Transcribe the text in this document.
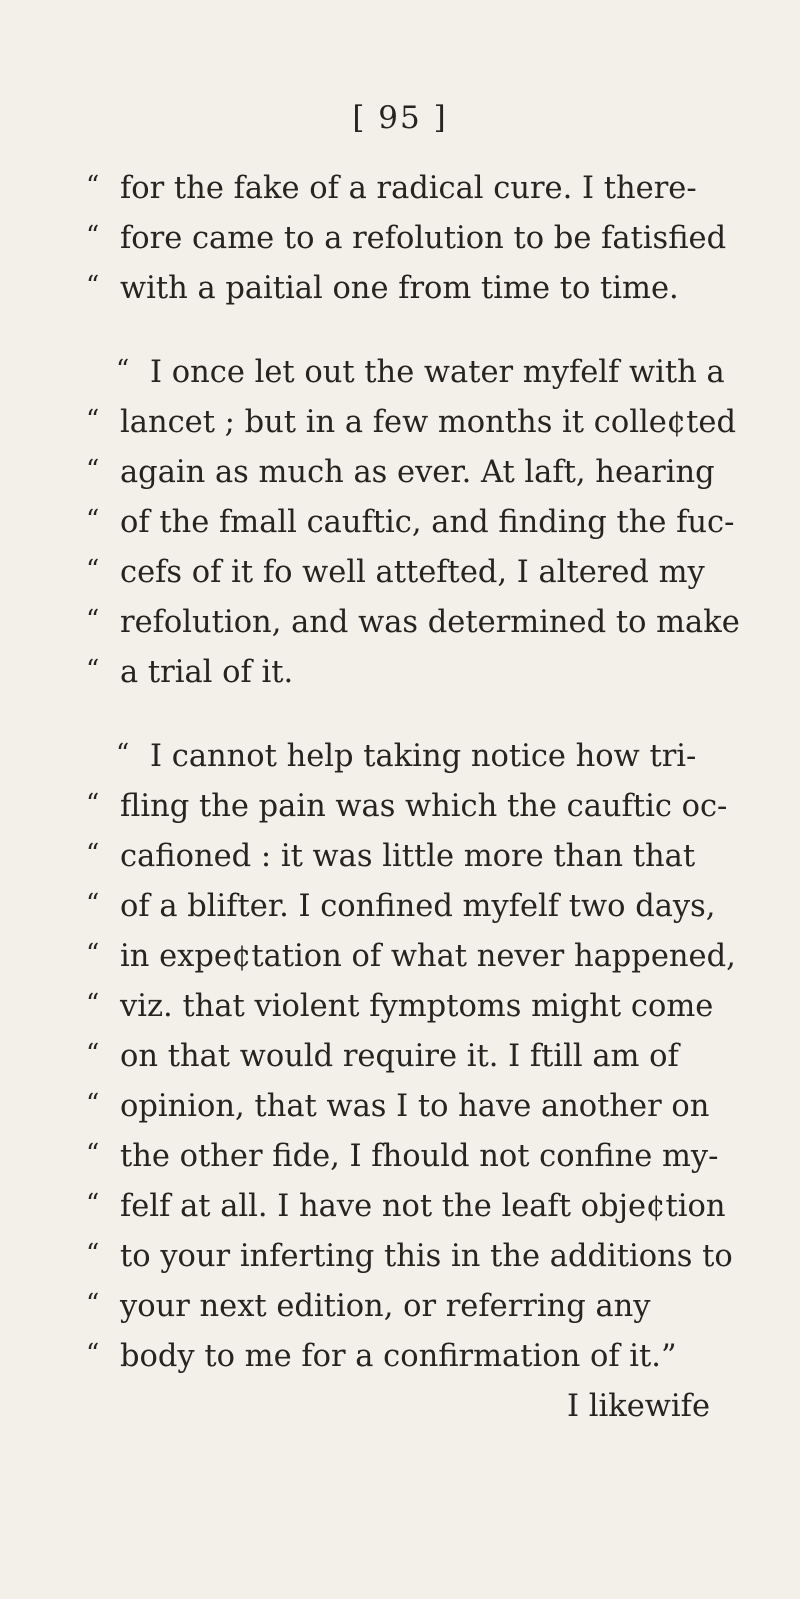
[ 95 ]
“ for the fake of a radical cure. I there-
“ fore came to a refolution to be fatisfied
“ with a paitial one from time to time.
“ I once let out the water myfelf with a
“ lancet ; but in a few months it colle¢ted
“ again as much as ever. At laft, hearing
“ of the fmall cauftic, and finding the fuc-
“ cefs of it fo well attefted, I altered my
“ refolution, and was determined to make
“ a trial of it.
“ I cannot help taking notice how tri-
“ fling the pain was which the cauftic oc-
“ cafioned : it was little more than that
“ of a blifter. I confined myfelf two days,
“ in expe¢tation of what never happened,
“ viz. that violent fymptoms might come
“ on that would require it. I ftill am of
“ opinion, that was I to have another on
“ the other fide, I fhould not confine my-
“ felf at all. I have not the leaft obje¢tion
“ to your inferting this in the additions to
“ your next edition, or referring any
“ body to me for a confirmation of it.”
I likewife
